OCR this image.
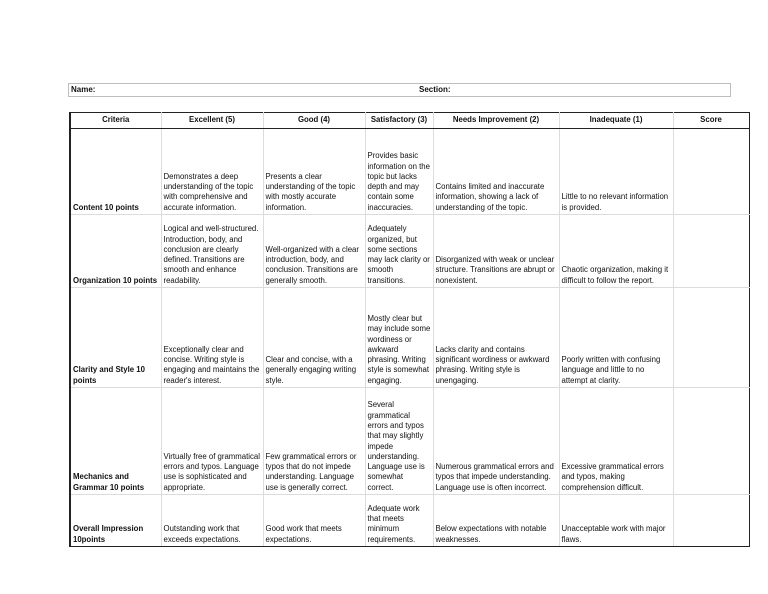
Name:	Section:
Criteria	Excellent (5)	Good (4)	Satisfactory (3)	Needs Improvement (2)	Inadequate (1)	Score
Content 10 points	Demonstrates a deep understanding of the topic with comprehensive and accurate information.	Presents a clear understanding of the topic with mostly accurate information.	Provides basic information on the topic but lacks depth and may contain some inaccuracies.	Contains limited and inaccurate information, showing a lack of understanding of the topic.	Little to no relevant information is provided.	
Organization 10 points	Logical and well-structured. Introduction, body, and conclusion are clearly defined. Transitions are smooth and enhance readability.	Well-organized with a clear introduction, body, and conclusion. Transitions are generally smooth.	Adequately organized, but some sections may lack clarity or smooth transitions.	Disorganized with weak or unclear structure. Transitions are abrupt or nonexistent.	Chaotic organization, making it difficult to follow the report.	
Clarity and Style 10 points	Exceptionally clear and concise. Writing style is engaging and maintains the reader's interest.	Clear and concise, with a generally engaging writing style.	Mostly clear but may include some wordiness or awkward phrasing. Writing style is somewhat engaging.	Lacks clarity and contains significant wordiness or awkward phrasing. Writing style is unengaging.	Poorly written with confusing language and little to no attempt at clarity.	
Mechanics and Grammar 10 points	Virtually free of grammatical errors and typos. Language use is sophisticated and appropriate.	Few grammatical errors or typos that do not impede understanding. Language use is generally correct.	Several grammatical errors and typos that may slightly impede understanding. Language use is somewhat correct.	Numerous grammatical errors and typos that impede understanding. Language use is often incorrect.	Excessive grammatical errors and typos, making comprehension difficult.	
Overall Impression 10points	Outstanding work that exceeds expectations.	Good work that meets expectations.	Adequate work that meets minimum requirements.	Below expectations with notable weaknesses.	Unacceptable work with major flaws.	
